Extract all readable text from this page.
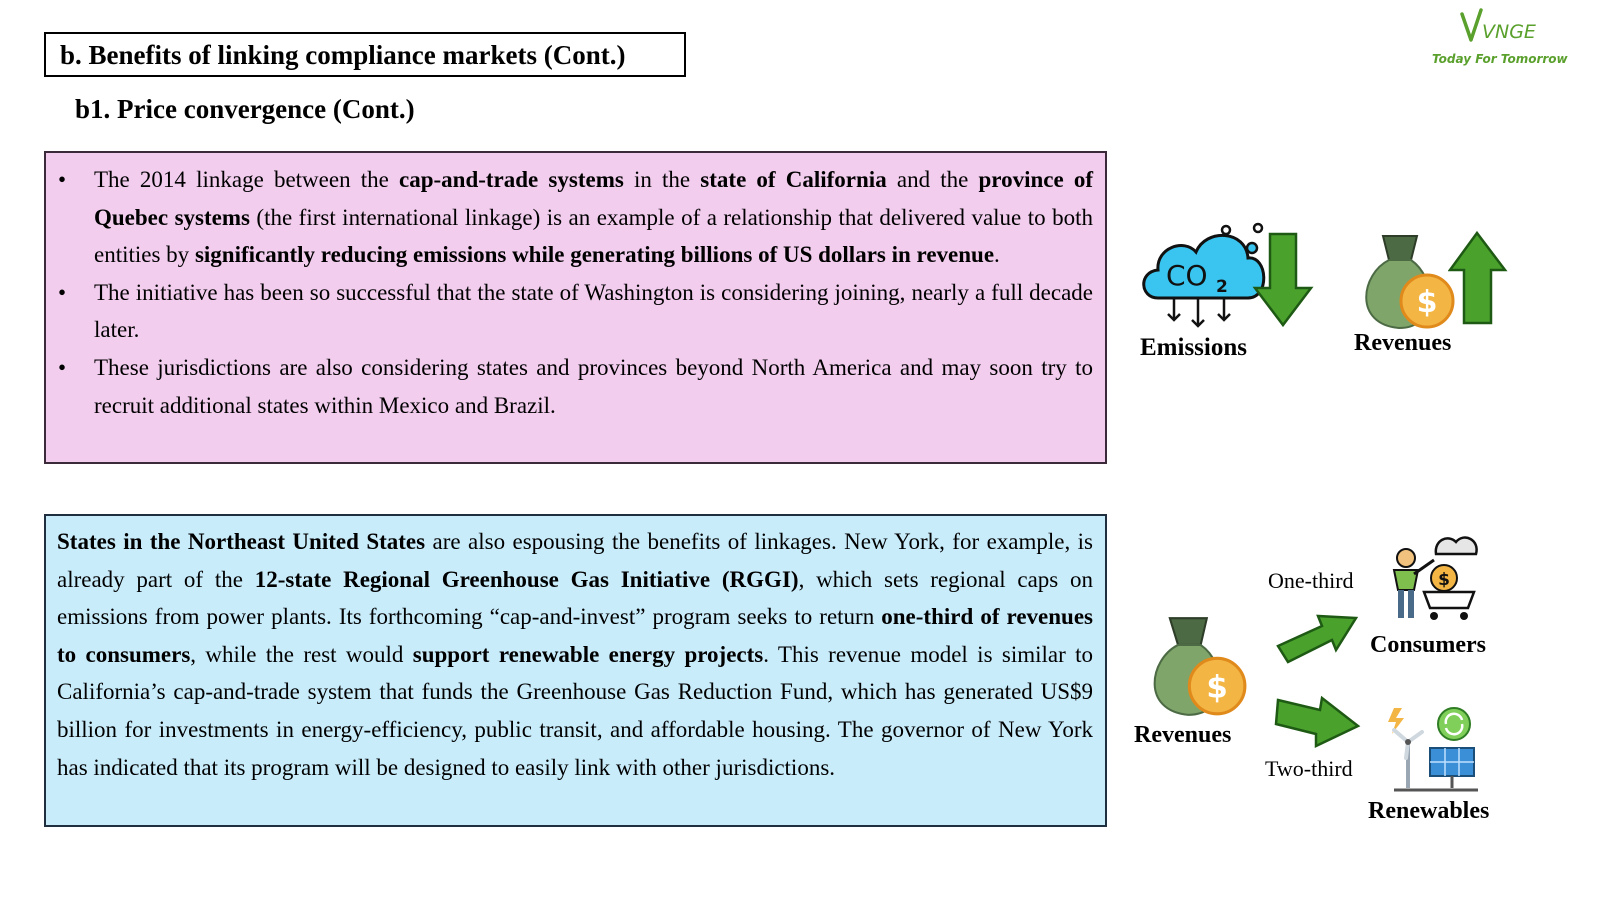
b. Benefits of linking compliance markets (Cont.)
b1. Price convergence (Cont.)
VNGE
Today For Tomorrow
• The 2014 linkage between the cap-and-trade systems in the state of California and the province of Quebec systems (the first international linkage) is an example of a relationship that delivered value to both entities by significantly reducing emissions while generating billions of US dollars in revenue.
• The initiative has been so successful that the state of Washington is considering joining, nearly a full decade later.
• These jurisdictions are also considering states and provinces beyond North America and may soon try to recruit additional states within Mexico and Brazil.
States in the Northeast United States are also espousing the benefits of linkages. New York, for example, is already part of the 12-state Regional Greenhouse Gas Initiative (RGGI), which sets regional caps on emissions from power plants. Its forthcoming “cap-and-invest” program seeks to return one-third of revenues to consumers, while the rest would support renewable energy projects. This revenue model is similar to California’s cap-and-trade system that funds the Greenhouse Gas Reduction Fund, which has generated US$9 billion for investments in energy-efficiency, public transit, and affordable housing. The governor of New York has indicated that its program will be designed to easily link with other jurisdictions.
CO 2
Emissions
$
Revenues
$
Revenues
One-third
Two-third
$
Consumers
Renewables
